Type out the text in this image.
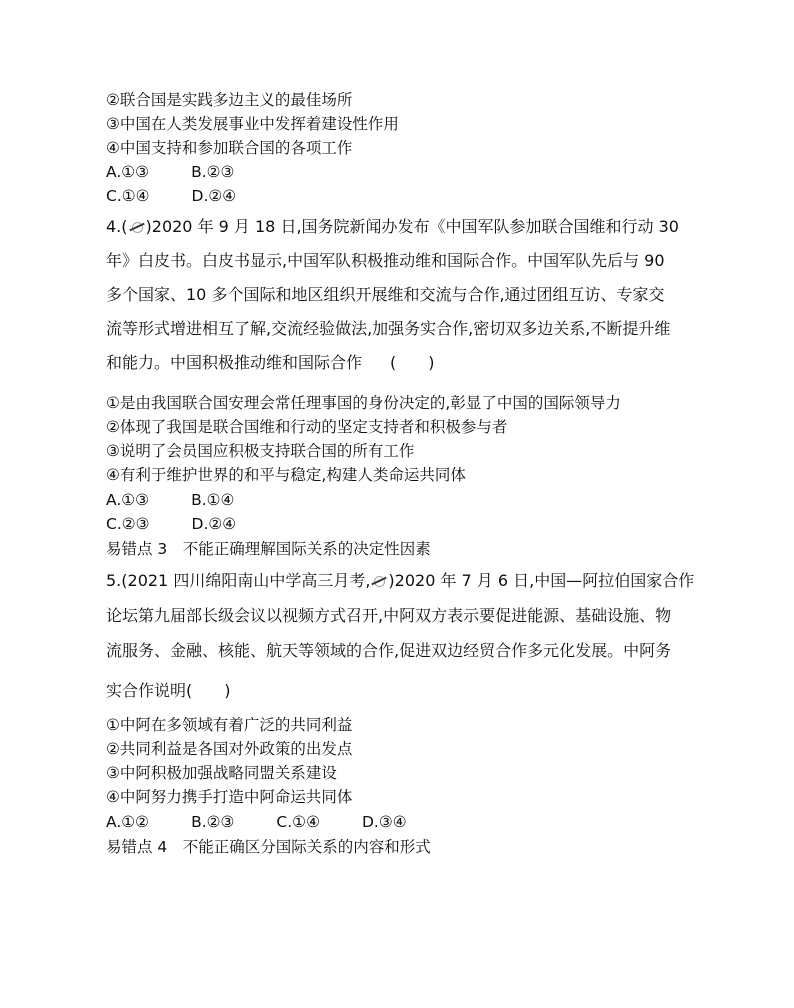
②联合国是实践多边主义的最佳场所
③中国在人类发展事业中发挥着建设性作用
④中国支持和参加联合国的各项工作
A.①③	B.②③
C.①④	D.②④
4.( )2020 年 9 月 18 日,国务院新闻办发布《中国军队参加联合国维和行动 30
年》白皮书。白皮书显示,中国军队积极推动维和国际合作。中国军队先后与 90
多个国家、10 多个国际和地区组织开展维和交流与合作,通过团组互访、专家交
流等形式增进相互了解,交流经验做法,加强务实合作,密切双多边关系,不断提升维
和能力。中国积极推动维和国际合作 (　　)
①是由我国联合国安理会常任理事国的身份决定的,彰显了中国的国际领导力
②体现了我国是联合国维和行动的坚定支持者和积极参与者
③说明了会员国应积极支持联合国的所有工作
④有利于维护世界的和平与稳定,构建人类命运共同体
A.①③	B.①④
C.②③	D.②④
易错点 3　不能正确理解国际关系的决定性因素
5.(2021 四川绵阳南山中学高三月考, )2020 年 7 月 6 日,中国—阿拉伯国家合作
论坛第九届部长级会议以视频方式召开,中阿双方表示要促进能源、基础设施、物
流服务、金融、核能、航天等领域的合作,促进双边经贸合作多元化发展。中阿务
实合作说明(　　)
①中阿在多领域有着广泛的共同利益
②共同利益是各国对外政策的出发点
③中阿积极加强战略同盟关系建设
④中阿努力携手打造中阿命运共同体
A.①②	B.②③	C.①④	D.③④
易错点 4　不能正确区分国际关系的内容和形式
